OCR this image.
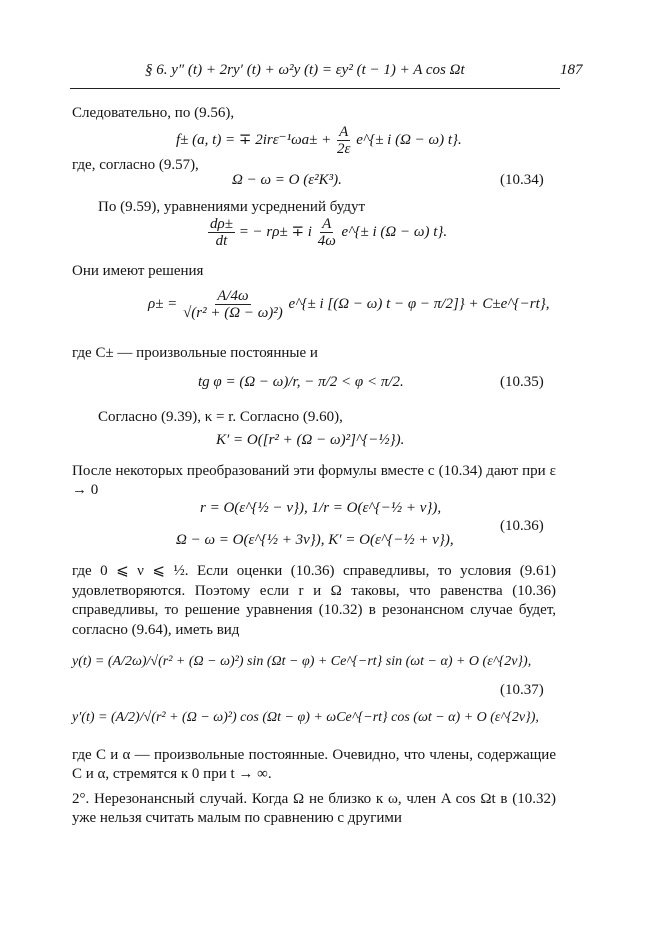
§ 6. y″ (t) + 2ry′ (t) + ω²y (t) = εy² (t − 1) + A cos Ωt	187
Следовательно, по (9.56),
f± (a, t) = ∓ $2ir\varepsilon^{-1}\omega a\pm + \frac{A}{2\varepsilon}$ e^{± i (Ω − ω) t}.
где, согласно (9.57),
Ω − ω = O (ε²K³).	(10.34)
По (9.59), уравнениями усреднений будут
$\frac{d\rho\pm}{dt}$ = − rρ± ∓ i $\frac{A}{4\omega}$ e^{± i (Ω − ω) t}.
Они имеют решения
$\rho\pm = \frac{A/4\omega}{\text{√(r² + (Ω − ω)²)}}$ e^{± i [(Ω − ω) t − φ − π/2]} + C±e^{−rt},
где C± — произвольные постоянные и
tg φ = (Ω − ω)/r, − π/2 < φ < π/2.	(10.35)
Согласно (9.39), κ = r. Согласно (9.60),
K′ = O([r² + (Ω − ω)²]^{−½}).
После некоторых преобразований эти формулы вместе с (10.34) дают при ε → 0
r = O(ε^{½ − ν}), 1/r = O(ε^{−½ + ν}),
Ω − ω = O(ε^{½ + 3ν}), K′ = O(ε^{−½ + ν}),
(10.36)
где 0 ⩽ ν ⩽ ½. Если оценки (10.36) справедливы, то условия (9.61) удовлетворяются. Поэтому если r и Ω таковы, что равенства (10.36) справедливы, то решение уравнения (10.32) в резонансном случае будет, согласно (9.64), иметь вид
y(t) = (A/2ω)/√(r² + (Ω − ω)²) sin (Ωt − φ) + Ce^{−rt} sin (ωt − α) + O (ε^{2ν}),
y′(t) = (A/2)/√(r² + (Ω − ω)²) cos (Ωt − φ) + ωCe^{−rt} cos (ωt − α) + O (ε^{2ν}),
(10.37)
где C и α — произвольные постоянные. Очевидно, что члены, содержащие C и α, стремятся к 0 при t → ∞.
2°. Нерезонансный случай. Когда Ω не близко к ω, член A cos Ωt в (10.32) уже нельзя считать малым по сравнению с другими
